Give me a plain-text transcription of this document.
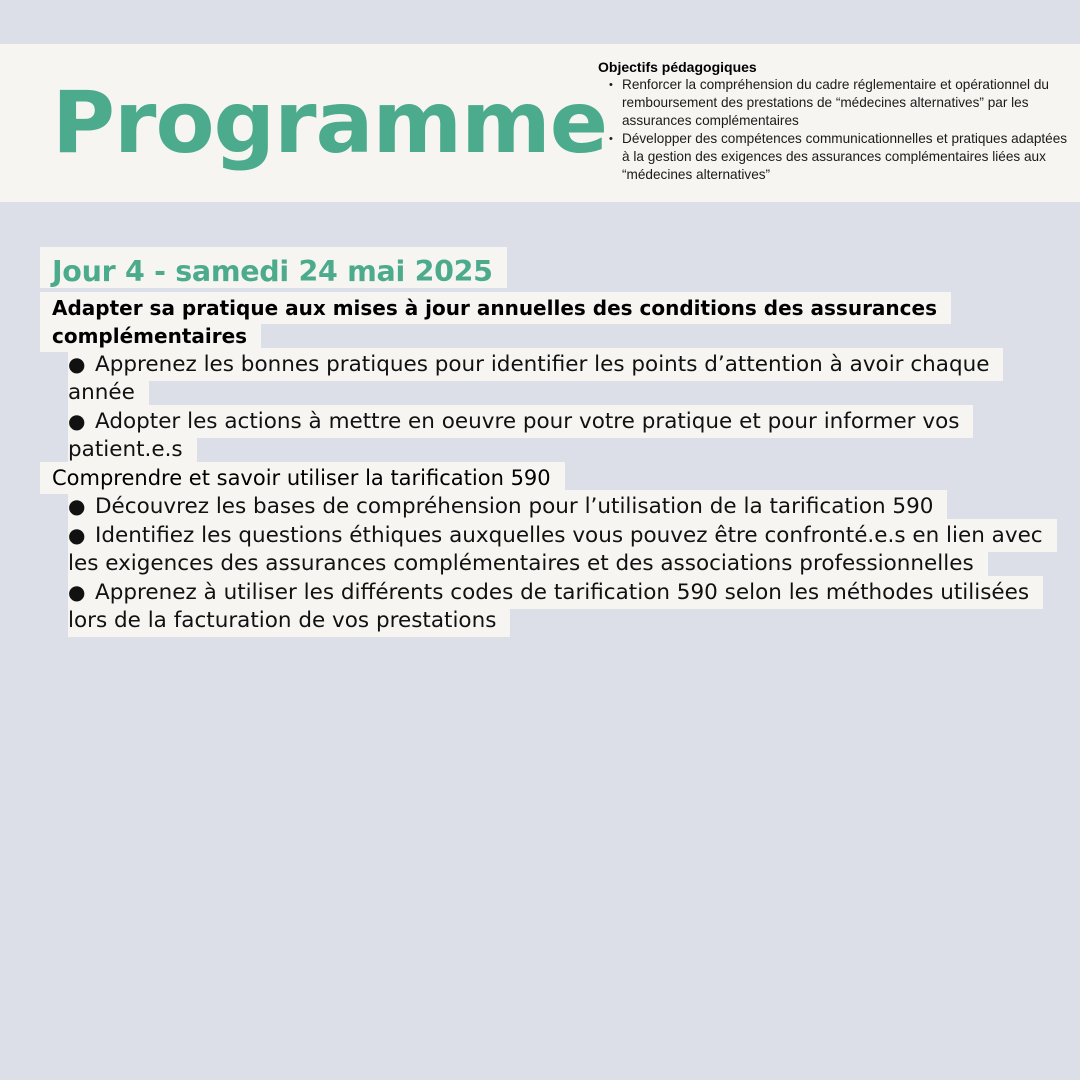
Programme

Objectifs pédagogiques

• Renforcer la compréhension du cadre réglementaire et opérationnel du remboursement des prestations de “médecines alternatives” par les assurances complémentaires
• Développer des compétences communicationnelles et pratiques adaptées à la gestion des exigences des assurances complémentaires liées aux “médecines alternatives”
Jour 4 - samedi 24 mai 2025
Adapter sa pratique aux mises à jour annuelles des conditions des assurances complémentaires
● Apprenez les bonnes pratiques pour identifier les points d’attention à avoir chaque année
● Adopter les actions à mettre en oeuvre pour votre pratique et pour informer vos patient.e.s
Comprendre et savoir utiliser la tarification 590
● Découvrez les bases de compréhension pour l’utilisation de la tarification 590
● Identifiez les questions éthiques auxquelles vous pouvez être confronté.e.s en lien avec les exigences des assurances complémentaires et des associations professionnelles
● Apprenez à utiliser les différents codes de tarification 590 selon les méthodes utilisées lors de la facturation de vos prestations
